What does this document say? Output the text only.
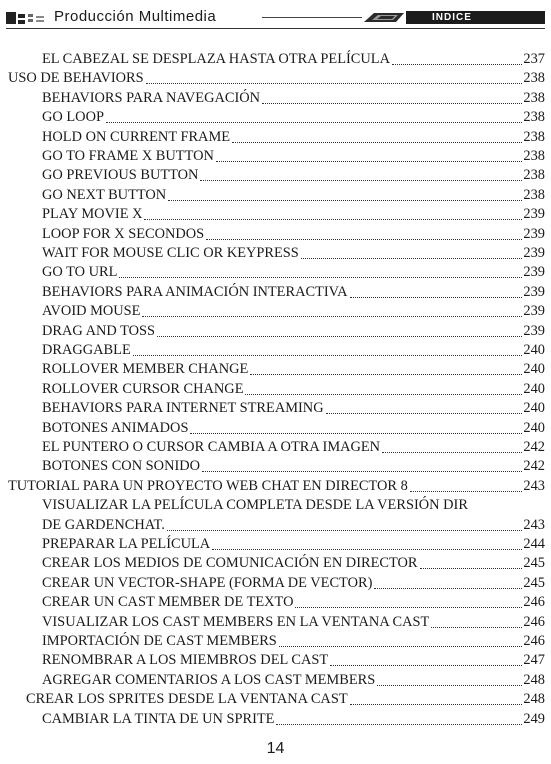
Producción Multimedia	INDICE
EL CABEZAL SE DESPLAZA HASTA OTRA PELÍCULA	237
USO DE BEHAVIORS	238
BEHAVIORS PARA NAVEGACIÓN	238
GO LOOP	238
HOLD ON CURRENT FRAME	238
GO TO FRAME X BUTTON	238
GO PREVIOUS BUTTON	238
GO NEXT BUTTON	238
PLAY MOVIE X	239
LOOP FOR X SECONDOS	239
WAIT FOR MOUSE CLIC OR KEYPRESS	239
GO TO URL	239
BEHAVIORS PARA ANIMACIÓN INTERACTIVA	239
AVOID MOUSE	239
DRAG AND TOSS	239
DRAGGABLE	240
ROLLOVER MEMBER CHANGE	240
ROLLOVER CURSOR CHANGE	240
BEHAVIORS PARA INTERNET STREAMING	240
BOTONES ANIMADOS	240
EL PUNTERO O CURSOR CAMBIA A OTRA IMAGEN	242
BOTONES CON SONIDO	242
TUTORIAL PARA UN PROYECTO WEB CHAT EN DIRECTOR 8	243
VISUALIZAR LA PELÍCULA COMPLETA DESDE LA VERSIÓN DIR
DE GARDENCHAT.	243
PREPARAR LA PELÍCULA	244
CREAR LOS MEDIOS DE COMUNICACIÓN EN DIRECTOR	245
CREAR UN VECTOR-SHAPE (FORMA DE VECTOR)	245
CREAR UN CAST MEMBER DE TEXTO	246
VISUALIZAR LOS CAST MEMBERS EN LA VENTANA CAST	246
IMPORTACIÓN DE CAST MEMBERS	246
RENOMBRAR A LOS MIEMBROS DEL CAST	247
AGREGAR COMENTARIOS A LOS CAST MEMBERS	248
CREAR LOS SPRITES DESDE LA VENTANA CAST	248
CAMBIAR LA TINTA DE UN SPRITE	249
14
